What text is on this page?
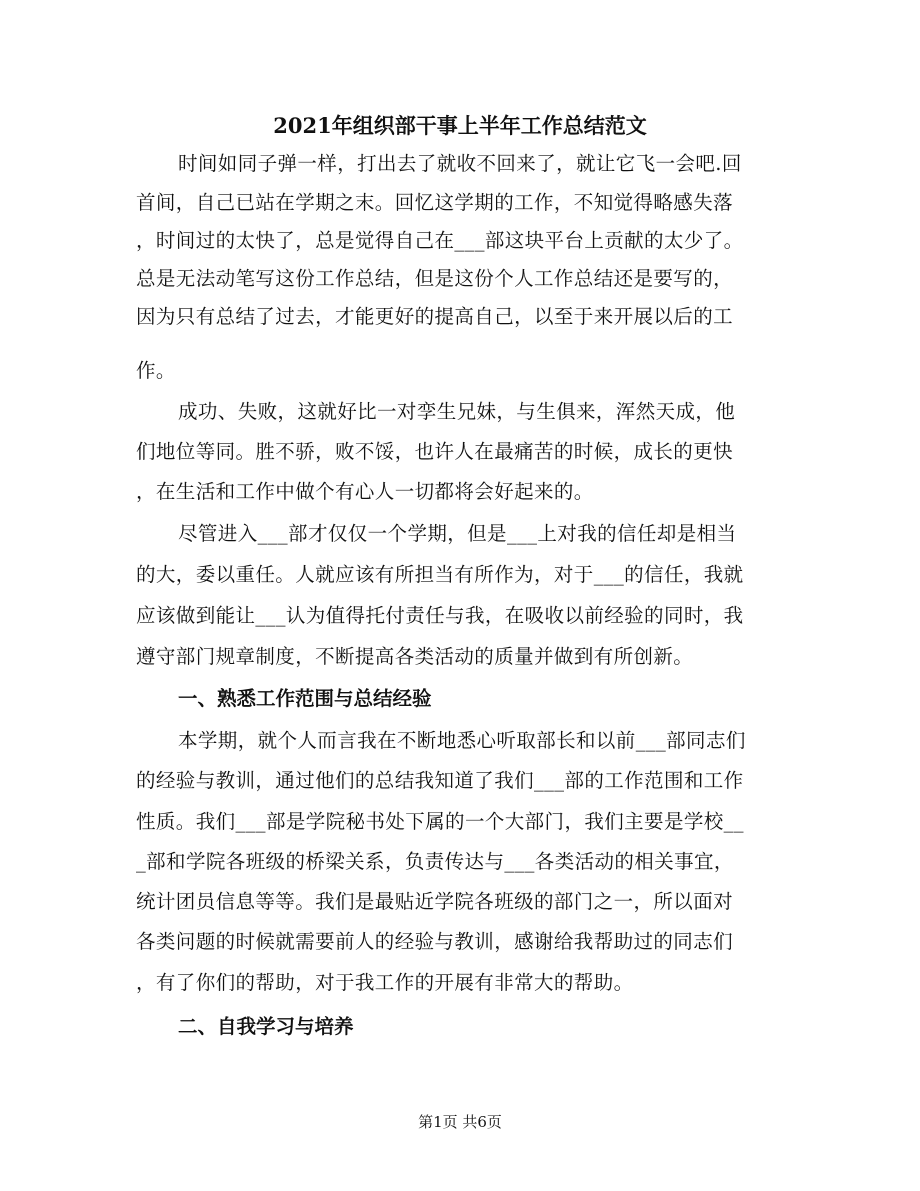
2021年组织部干事上半年工作总结范文
时间如同子弹一样，打出去了就收不回来了，就让它飞一会吧.回
首间，自己已站在学期之末。回忆这学期的工作，不知觉得略感失落
，时间过的太快了，总是觉得自己在___部这块平台上贡献的太少了。
总是无法动笔写这份工作总结，但是这份个人工作总结还是要写的，
因为只有总结了过去，才能更好的提高自己，以至于来开展以后的工
作。
成功、失败，这就好比一对孪生兄妹，与生俱来，浑然天成，他
们地位等同。胜不骄，败不馁，也许人在最痛苦的时候，成长的更快
，在生活和工作中做个有心人一切都将会好起来的。
尽管进入___部才仅仅一个学期，但是___上对我的信任却是相当
的大，委以重任。人就应该有所担当有所作为，对于___的信任，我就
应该做到能让___认为值得托付责任与我，在吸收以前经验的同时，我
遵守部门规章制度，不断提高各类活动的质量并做到有所创新。
一、熟悉工作范围与总结经验
本学期，就个人而言我在不断地悉心听取部长和以前___部同志们
的经验与教训，通过他们的总结我知道了我们___部的工作范围和工作
性质。我们___部是学院秘书处下属的一个大部门，我们主要是学校__
_部和学院各班级的桥梁关系，负责传达与___各类活动的相关事宜，
统计团员信息等等。我们是最贴近学院各班级的部门之一，所以面对
各类问题的时候就需要前人的经验与教训，感谢给我帮助过的同志们
，有了你们的帮助，对于我工作的开展有非常大的帮助。
二、自我学习与培养
第1页 共6页
